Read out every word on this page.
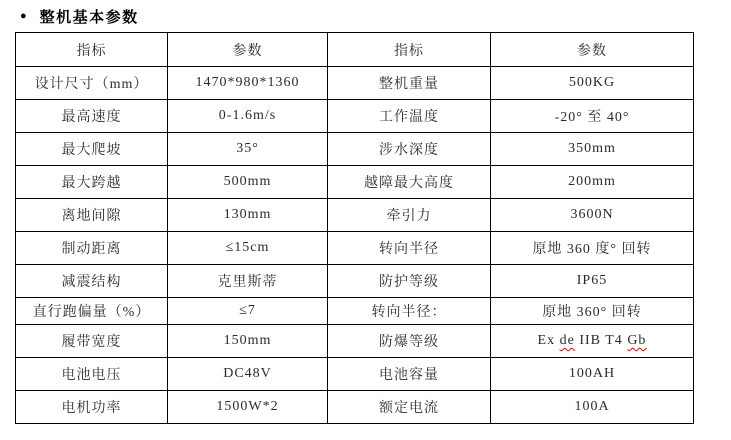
● 整机基本参数
指标	参数	指标	参数
设计尺寸（mm）	1470*980*1360	整机重量	500KG
最高速度	0-1.6m/s	工作温度	-20° 至 40°
最大爬坡	35°	涉水深度	350mm
最大跨越	500mm	越障最大高度	200mm
离地间隙	130mm	牵引力	3600N
制动距离	≤15cm	转向半径	原地 360 度° 回转
减震结构	克里斯蒂	防护等级	IP65
直行跑偏量（%）	≤7	转向半径：	原地 360° 回转
履带宽度	150mm	防爆等级	Ex de IIB T4 Gb
电池电压	DC48V	电池容量	100AH
电机功率	1500W*2	额定电流	100A
